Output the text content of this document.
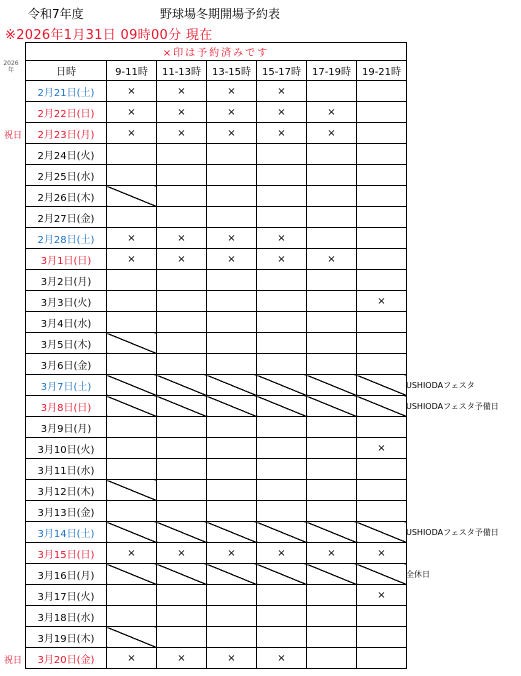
令和7年度	野球場冬期開場予約表
※2026年1月31日 09時00分 現在
2026年
×印は予約済みです						
日時	9-11時	11-13時	13-15時	15-17時	17-19時	19-21時
2月21日(土)	×	×	×	×		
2月22日(日)	×	×	×	×	×	
2月23日(月)	×	×	×	×	×	
2月24日(火)						
2月25日(水)						
2月26日(木)						
2月27日(金)						
2月28日(土)	×	×	×	×		
3月1日(日)	×	×	×	×	×	
3月2日(月)						
3月3日(火)						×
3月4日(水)						
3月5日(木)						
3月6日(金)						
3月7日(土)						
3月8日(日)						
3月9日(月)						
3月10日(火)						×
3月11日(水)						
3月12日(木)						
3月13日(金)						
3月14日(土)						
3月15日(日)	×	×	×	×	×	×
3月16日(月)						
3月17日(火)						×
3月18日(水)						
3月19日(木)						
3月20日(金)	×	×	×	×		
祝日
USHIODAフェスタ
USHIODAフェスタ予備日
USHIODAフェスタ予備日
全休日
祝日
